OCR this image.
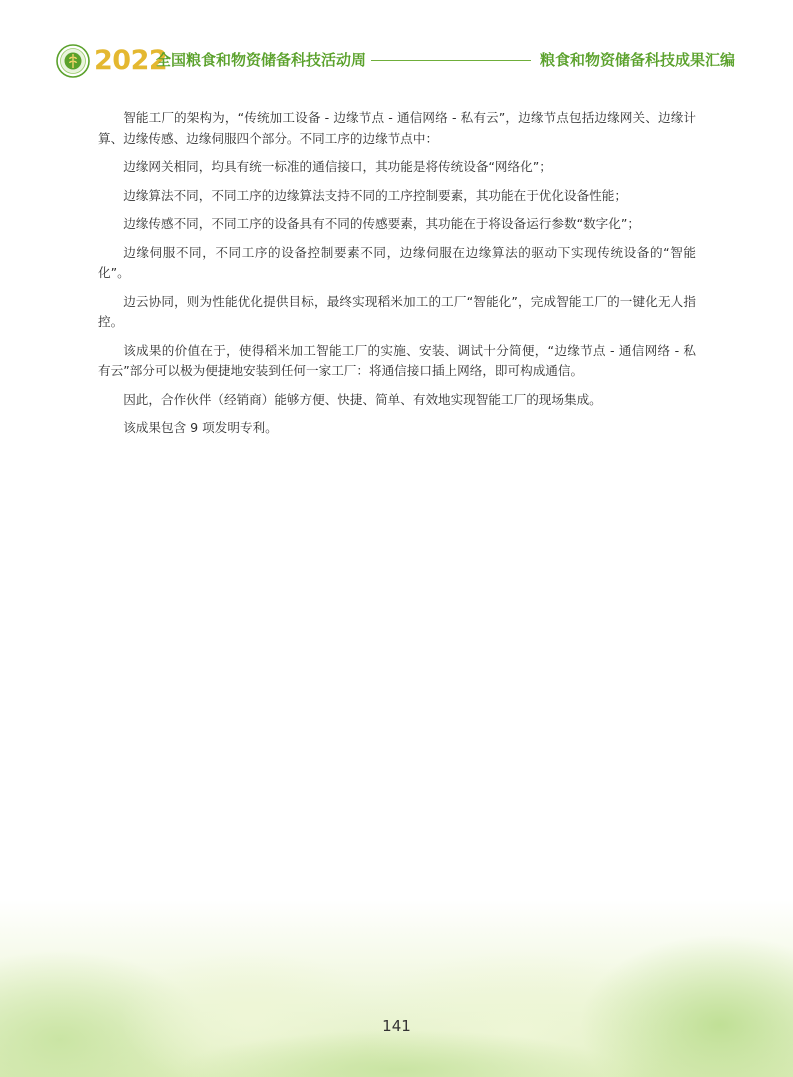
2022
全国粮食和物资储备科技活动周	粮食和物资储备科技成果汇编

智能工厂的架构为，“传统加工设备 - 边缘节点 - 通信网络 - 私有云”，边缘节点包括边缘网关、边缘计算、边缘传感、边缘伺服四个部分。不同工序的边缘节点中：

边缘网关相同，均具有统一标准的通信接口，其功能是将传统设备“网络化”；

边缘算法不同，不同工序的边缘算法支持不同的工序控制要素，其功能在于优化设备性能；

边缘传感不同，不同工序的设备具有不同的传感要素，其功能在于将设备运行参数“数字化”；

边缘伺服不同，不同工序的设备控制要素不同，边缘伺服在边缘算法的驱动下实现传统设备的“智能化”。

边云协同，则为性能优化提供目标，最终实现稻米加工的工厂“智能化”，完成智能工厂的一键化无人指控。

该成果的价值在于，使得稻米加工智能工厂的实施、安装、调试十分简便，“边缘节点 - 通信网络 - 私有云”部分可以极为便捷地安装到任何一家工厂：将通信接口插上网络，即可构成通信。

因此，合作伙伴（经销商）能够方便、快捷、简单、有效地实现智能工厂的现场集成。

该成果包含 9 项发明专利。

141
